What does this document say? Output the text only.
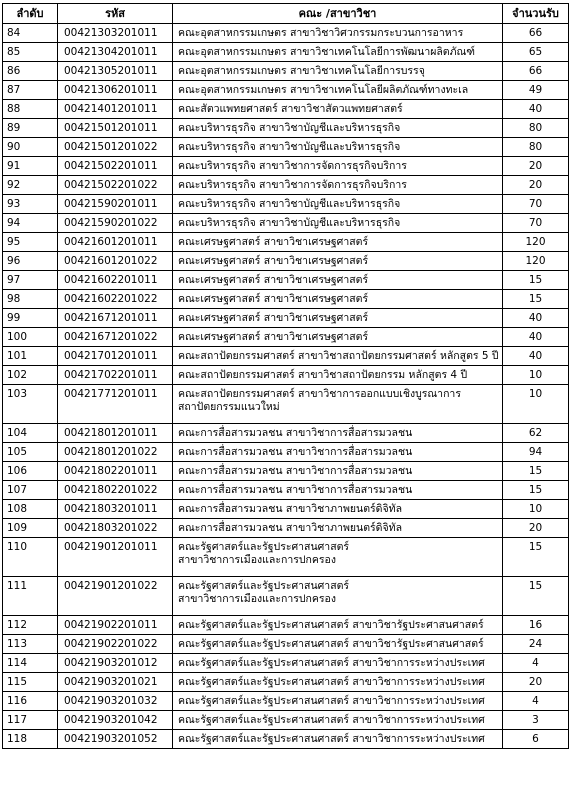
ลำดับ	รหัส	คณะ /สาขาวิชา	จำนวนรับ
84	00421303201011	คณะอุตสาหกรรมเกษตร สาขาวิชาวิศวกรรมกระบวนการอาหาร	66
85	00421304201011	คณะอุตสาหกรรมเกษตร สาขาวิชาเทคโนโลยีการพัฒนาผลิตภัณฑ์	65
86	00421305201011	คณะอุตสาหกรรมเกษตร สาขาวิชาเทคโนโลยีการบรรจุ	66
87	00421306201011	คณะอุตสาหกรรมเกษตร สาขาวิชาเทคโนโลยีผลิตภัณฑ์ทางทะเล	49
88	00421401201011	คณะสัตวแพทยศาสตร์ สาขาวิชาสัตวแพทยศาสตร์	40
89	00421501201011	คณะบริหารธุรกิจ สาขาวิชาบัญชีและบริหารธุรกิจ	80
90	00421501201022	คณะบริหารธุรกิจ สาขาวิชาบัญชีและบริหารธุรกิจ	80
91	00421502201011	คณะบริหารธุรกิจ สาขาวิชาการจัดการธุรกิจบริการ	20
92	00421502201022	คณะบริหารธุรกิจ สาขาวิชาการจัดการธุรกิจบริการ	20
93	00421590201011	คณะบริหารธุรกิจ สาขาวิชาบัญชีและบริหารธุรกิจ	70
94	00421590201022	คณะบริหารธุรกิจ สาขาวิชาบัญชีและบริหารธุรกิจ	70
95	00421601201011	คณะเศรษฐศาสตร์ สาขาวิชาเศรษฐศาสตร์	120
96	00421601201022	คณะเศรษฐศาสตร์ สาขาวิชาเศรษฐศาสตร์	120
97	00421602201011	คณะเศรษฐศาสตร์ สาขาวิชาเศรษฐศาสตร์	15
98	00421602201022	คณะเศรษฐศาสตร์ สาขาวิชาเศรษฐศาสตร์	15
99	00421671201011	คณะเศรษฐศาสตร์ สาขาวิชาเศรษฐศาสตร์	40
100	00421671201022	คณะเศรษฐศาสตร์ สาขาวิชาเศรษฐศาสตร์	40
101	00421701201011	คณะสถาปัตยกรรมศาสตร์ สาขาวิชาสถาปัตยกรรมศาสตร์ หลักสูตร 5 ปี	40
102	00421702201011	คณะสถาปัตยกรรมศาสตร์ สาขาวิชาสถาปัตยกรรม หลักสูตร 4 ปี	10
103	00421771201011	คณะสถาปัตยกรรมศาสตร์ สาขาวิชาการออกแบบเชิงบูรณาการ
สถาปัตยกรรมแนวใหม่	10
104	00421801201011	คณะการสื่อสารมวลชน สาขาวิชาการสื่อสารมวลชน	62
105	00421801201022	คณะการสื่อสารมวลชน สาขาวิชาการสื่อสารมวลชน	94
106	00421802201011	คณะการสื่อสารมวลชน สาขาวิชาการสื่อสารมวลชน	15
107	00421802201022	คณะการสื่อสารมวลชน สาขาวิชาการสื่อสารมวลชน	15
108	00421803201011	คณะการสื่อสารมวลชน สาขาวิชาภาพยนตร์ดิจิทัล	10
109	00421803201022	คณะการสื่อสารมวลชน สาขาวิชาภาพยนตร์ดิจิทัล	20
110	00421901201011	คณะรัฐศาสตร์และรัฐประศาสนศาสตร์
สาขาวิชาการเมืองและการปกครอง	15
111	00421901201022	คณะรัฐศาสตร์และรัฐประศาสนศาสตร์
สาขาวิชาการเมืองและการปกครอง	15
112	00421902201011	คณะรัฐศาสตร์และรัฐประศาสนศาสตร์ สาขาวิชารัฐประศาสนศาสตร์	16
113	00421902201022	คณะรัฐศาสตร์และรัฐประศาสนศาสตร์ สาขาวิชารัฐประศาสนศาสตร์	24
114	00421903201012	คณะรัฐศาสตร์และรัฐประศาสนศาสตร์ สาขาวิชาการระหว่างประเทศ	4
115	00421903201021	คณะรัฐศาสตร์และรัฐประศาสนศาสตร์ สาขาวิชาการระหว่างประเทศ	20
116	00421903201032	คณะรัฐศาสตร์และรัฐประศาสนศาสตร์ สาขาวิชาการระหว่างประเทศ	4
117	00421903201042	คณะรัฐศาสตร์และรัฐประศาสนศาสตร์ สาขาวิชาการระหว่างประเทศ	3
118	00421903201052	คณะรัฐศาสตร์และรัฐประศาสนศาสตร์ สาขาวิชาการระหว่างประเทศ	6
